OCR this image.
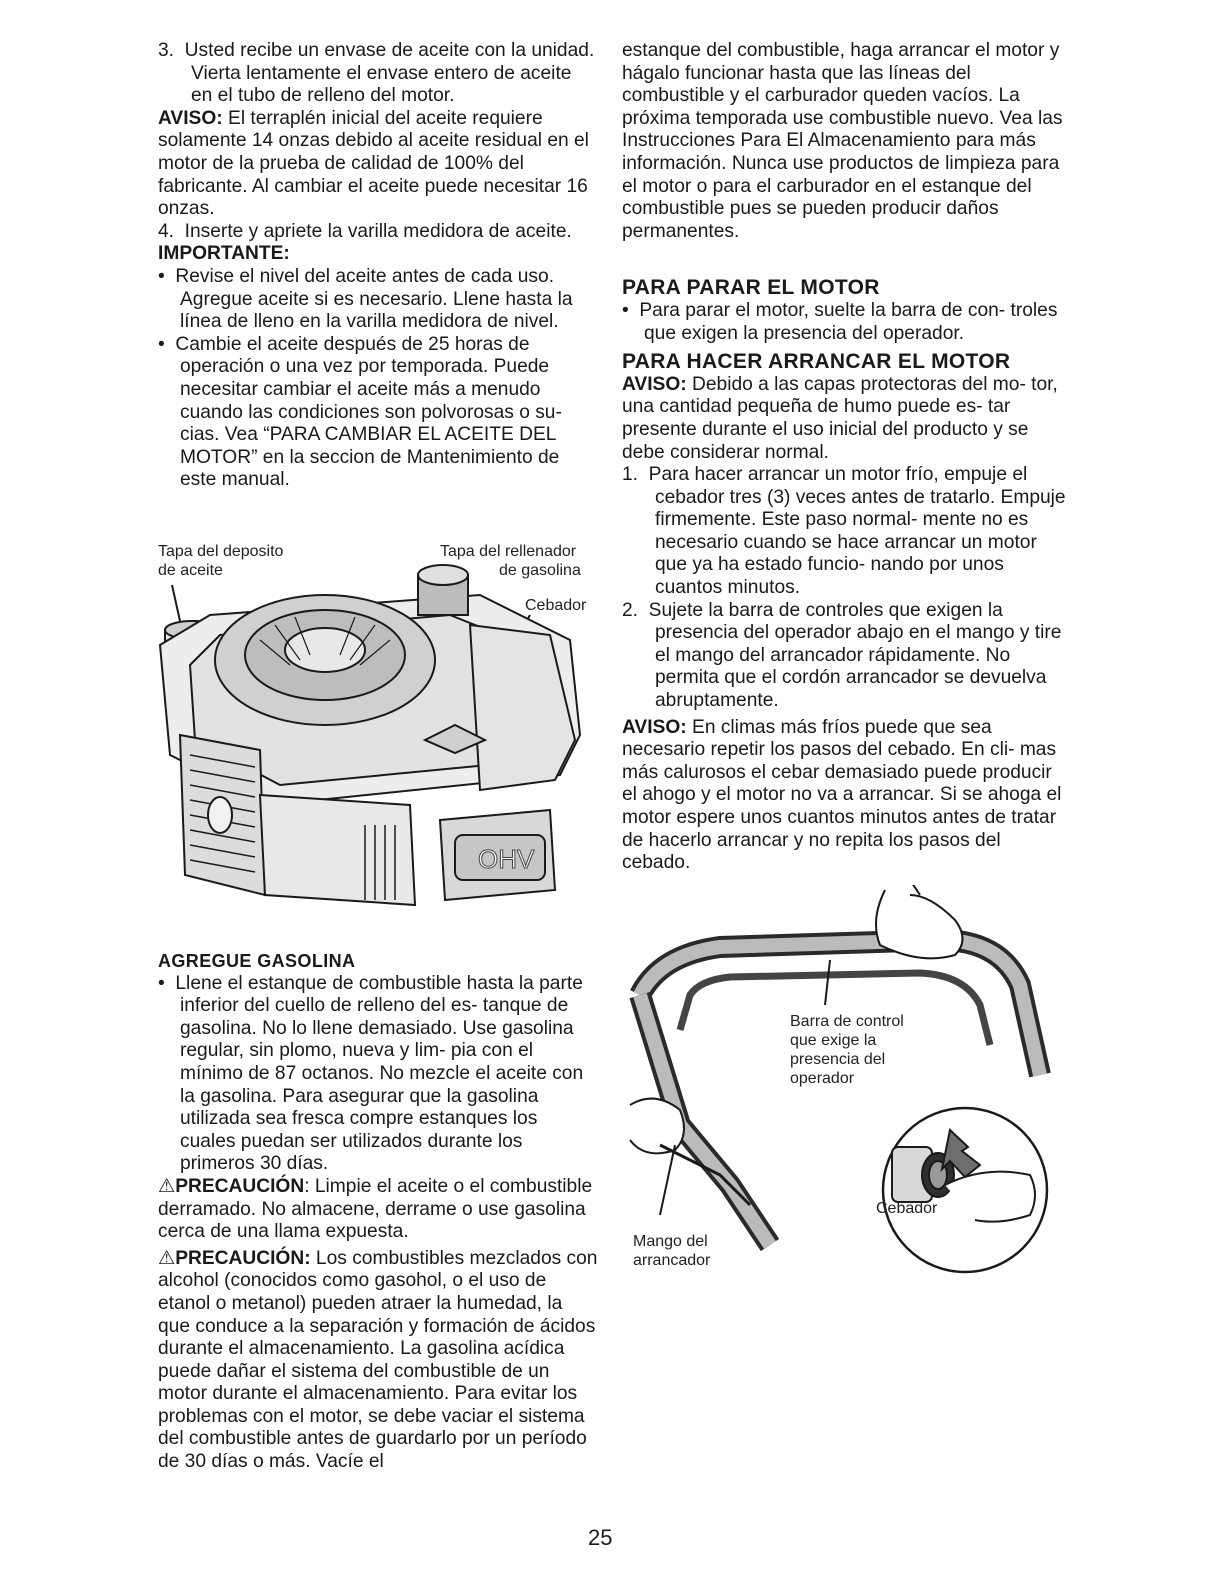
3.  Usted recibe un envase de aceite con la unidad. Vierta lentamente el envase entero de aceite en el tubo de relleno del motor.

AVISO: El terraplén inicial del aceite requiere solamente 14 onzas debido al aceite residual en el motor de la prueba de calidad de 100% del fabricante. Al cambiar el aceite puede necesitar 16 onzas.

4.  Inserte y apriete la varilla medidora de aceite.

IMPORTANTE:

•  Revise el nivel del aceite antes de cada uso. Agregue aceite si es necesario. Llene hasta la línea de lleno en la varilla medidora de nivel.

•  Cambie el aceite después de 25 horas de operación o una vez por temporada. Puede necesitar cambiar el aceite más a menudo cuando las condiciones son polvorosas o su- cias. Vea “PARA CAMBIAR EL ACEITE DEL MOTOR” en la seccion de Mantenimiento de este manual.

Tapa del deposito
de aceite
Tapa del rellenador
de gasolina
Cebador
OHV

AGREGUE GASOLINA

•  Llene el estanque de combustible hasta la parte inferior del cuello de relleno del es- tanque de gasolina. No lo llene demasiado. Use gasolina regular, sin plomo, nueva y lim- pia con el mínimo de 87 octanos. No mezcle el aceite con la gasolina. Para asegurar que la gasolina utilizada sea fresca compre estanques los cuales puedan ser utilizados durante los primeros 30 días.

⚠PRECAUCIÓN: Limpie el aceite o el combustible derramado. No almacene, derrame o use gasolina cerca de una llama expuesta.

⚠PRECAUCIÓN: Los combustibles mezclados con alcohol (conocidos como gasohol, o el uso de etanol o metanol) pueden atraer la humedad, la que conduce a la separación y formación de ácidos durante el almacenamiento. La gasolina acídica puede dañar el sistema del combustible de un motor durante el almacenamiento. Para evitar los problemas con el motor, se debe vaciar el sistema del combustible antes de guardarlo por un período de 30 días o más. Vacíe el

estanque del combustible, haga arrancar el motor y hágalo funcionar hasta que las líneas del combustible y el carburador queden vacíos. La próxima temporada use combustible nuevo. Vea las Instrucciones Para El Almacenamiento para más información. Nunca use productos de limpieza para el motor o para el carburador en el estanque del combustible pues se pueden producir daños permanentes.

PARA PARAR EL MOTOR

•  Para parar el motor, suelte la barra de con- troles que exigen la presencia del operador.

PARA HACER ARRANCAR EL MOTOR

AVISO: Debido a las capas protectoras del mo- tor, una cantidad pequeña de humo puede es- tar presente durante el uso inicial del producto y se debe considerar normal.

1.  Para hacer arrancar un motor frío, empuje el cebador tres (3) veces antes de tratarlo. Empuje firmemente. Este paso normal- mente no es necesario cuando se hace arrancar un motor que ya ha estado funcio- nando por unos cuantos minutos.

2.  Sujete la barra de controles que exigen la presencia del operador abajo en el mango y tire el mango del arrancador rápidamente. No permita que el cordón arrancador se devuelva abruptamente.

AVISO: En climas más fríos puede que sea necesario repetir los pasos del cebado. En cli- mas más calurosos el cebar demasiado puede producir el ahogo y el motor no va a arrancar. Si se ahoga el motor espere unos cuantos minutos antes de tratar de hacerlo arrancar y no repita los pasos del cebado.

Barra de control
que exige la
presencia del
operador
Mango del
arrancador
Cebador
25
